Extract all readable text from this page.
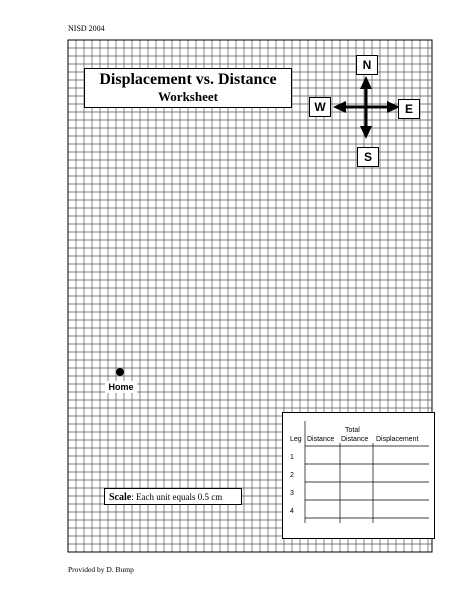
NISD 2004
Displacement vs. Distance
Worksheet
N
W	E
S
Home
Scale: Each unit equals 0.5 cm
Total
Leg Distance Distance Displacement
1
2
3
4
Provided by D. Bump
